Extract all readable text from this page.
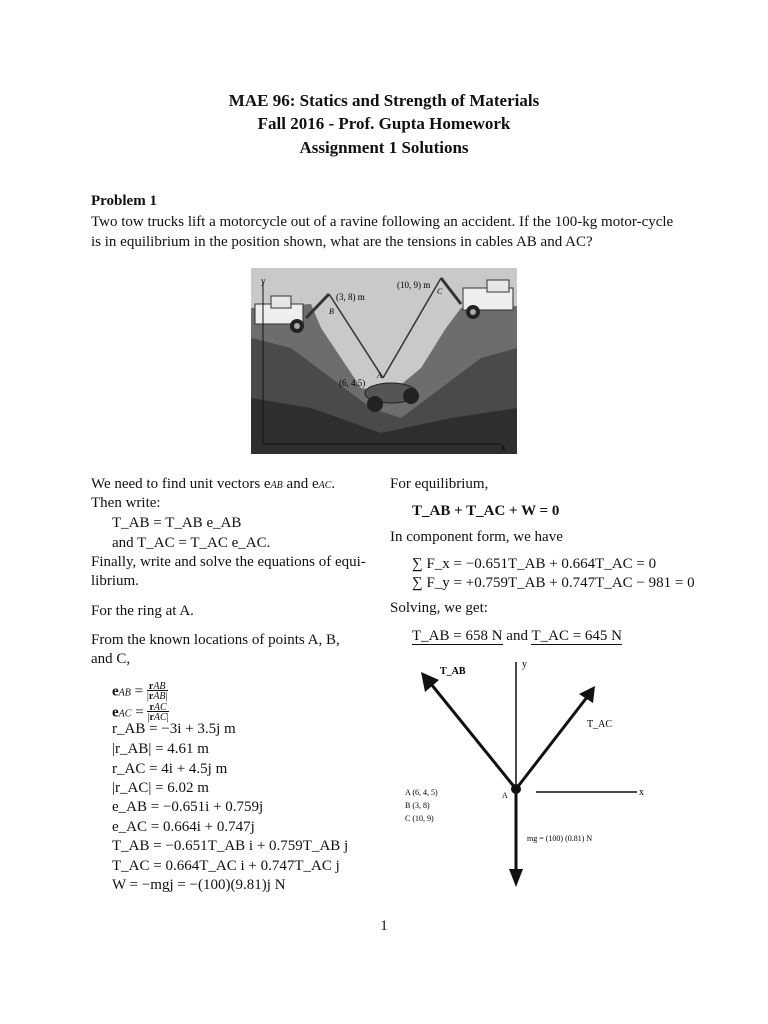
MAE 96: Statics and Strength of Materials
Fall 2016 - Prof. Gupta Homework
Assignment 1 Solutions
Problem 1
Two tow trucks lift a motorcycle out of a ravine following an accident. If the 100-kg motor-cycle is in equilibrium in the position shown, what are the tensions in cables AB and AC?
y
x
(3, 8) m
B
(10, 9) m
C
(6, 4.5)
A
We need to find unit vectors eAB and eAC.
Then write:
T_AB = T_AB e_AB
and T_AC = T_AC e_AC.
Finally, write and solve the equations of equi-
librium.
For the ring at A.
From the known locations of points A, B,
and C,
eAB = rAB
|rAB|
eAC = rAC
|rAC|
r_AB = −3i + 3.5j m
|r_AB| = 4.61 m
r_AC = 4i + 4.5j m
|r_AC| = 6.02 m
e_AB = −0.651i + 0.759j
e_AC = 0.664i + 0.747j
T_AB = −0.651T_AB i + 0.759T_AB j
T_AC = 0.664T_AC i + 0.747T_AC j
W = −mgj = −(100)(9.81)j N
For equilibrium,
T_AB + T_AC + W = 0
In component form, we have
∑ F_x = −0.651T_AB + 0.664T_AC = 0
∑ F_y = +0.759T_AB + 0.747T_AC − 981 = 0
Solving, we get:
T_AB = 658 N and T_AC = 645 N
T_AB
T_AC
y
x
A
A (6, 4, 5)
B (3, 8)
C (10, 9)
mg = (100) (0.81) N
1
